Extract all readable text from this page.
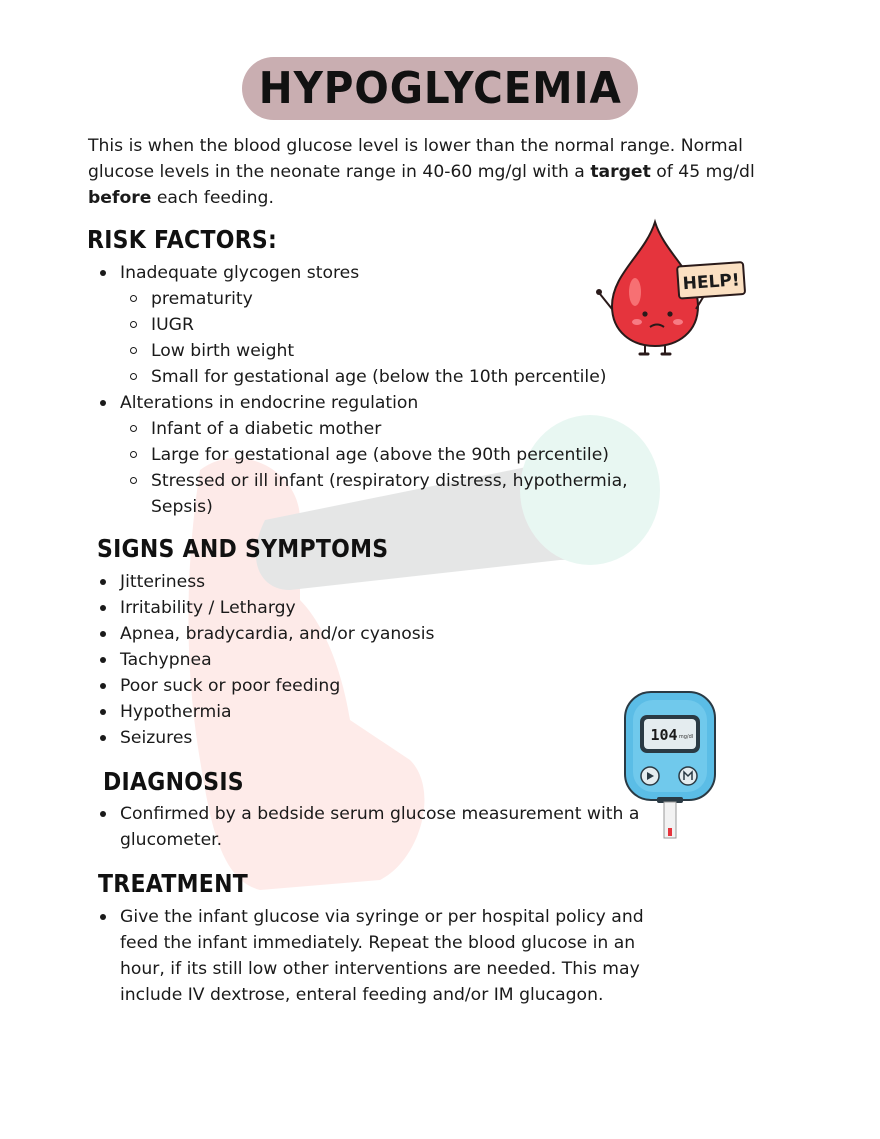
HYPOGLYCEMIA

This is when the blood glucose level is lower than the normal range. Normal glucose levels in the neonate range in 40-60 mg/gl with a target of 45 mg/dl before each feeding.

RISK FACTORS:
Inadequate glycogen stores
prematurity
IUGR
Low birth weight
Small for gestational age (below the 10th percentile)
Alterations in endocrine regulation
Infant of a diabetic mother
Large for gestational age (above the 90th percentile)
Stressed or ill infant (respiratory distress, hypothermia, Sepsis)
SIGNS AND SYMPTOMS
Jitteriness
Irritability / Lethargy
Apnea, bradycardia, and/or cyanosis
Tachypnea
Poor suck or poor feeding
Hypothermia
Seizures
DIAGNOSIS
Confirmed by a bedside serum glucose measurement with a glucometer.
TREATMENT
Give the infant glucose via syringe or per hospital policy and feed the infant immediately. Repeat the blood glucose in an hour, if its still low other interventions are needed. This may include IV dextrose, enteral feeding and/or IM glucagon.
HELP!
104 mg/dl
